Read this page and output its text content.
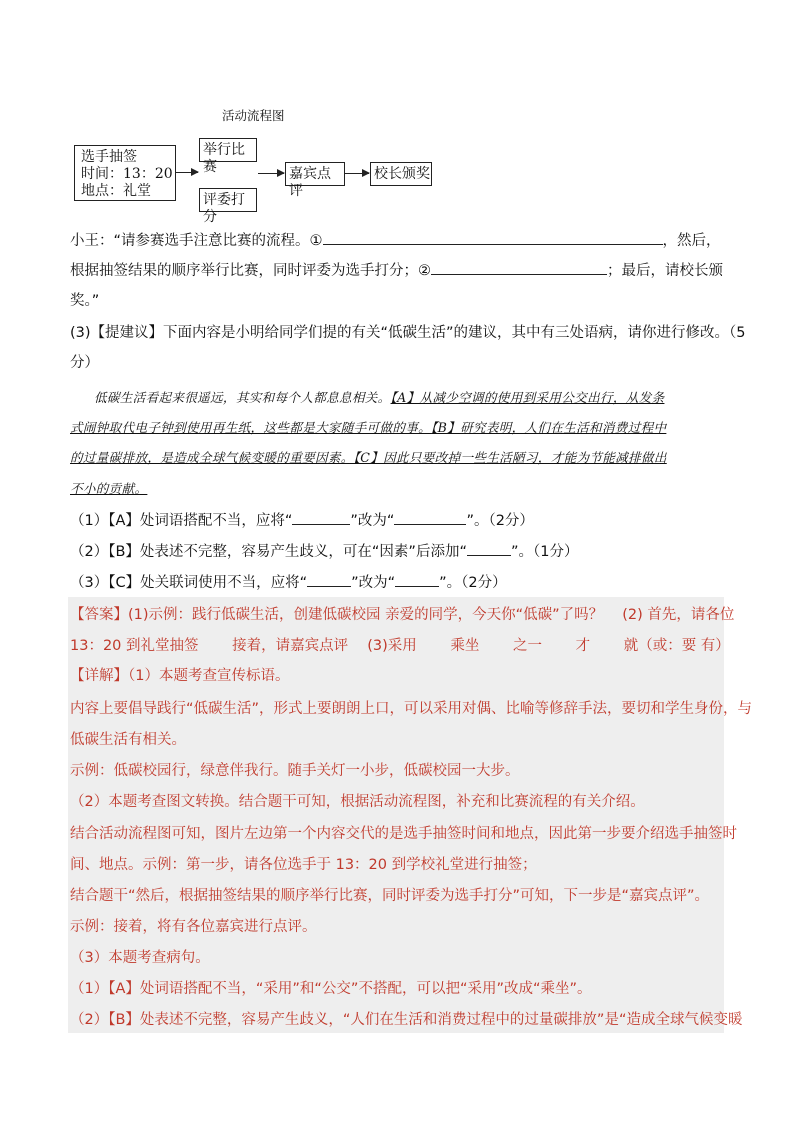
活动流程图
选手抽签
时间：13：20
地点：礼堂
举行比赛
评委打分
嘉宾点评
校长颁奖
小王：“请参赛选手注意比赛的流程。①	，然后，
根据抽签结果的顺序举行比赛，同时评委为选手打分；②	；最后，请校长颁
奖。”
(3)【提建议】下面内容是小明给同学们提的有关“低碳生活”的建议，其中有三处语病，请你进行修改。（5
分）
低碳生活看起来很遥远，其实和每个人都息息相关。【A】从减少空调的使用到采用公交出行，从发条
式闹钟取代电子钟到使用再生纸，这些都是大家随手可做的事。【B】研究表明，人们在生活和消费过程中
的过量碳排放，是造成全球气候变暖的重要因素。【C】因此只要改掉一些生活陋习，才能为节能减排做出
不小的贡献。
（1）【A】处词语搭配不当，应将“	”改为“	”。（2分）
（2）【B】处表述不完整，容易产生歧义，可在“因素”后添加“	”。（1分）
（3）【C】处关联词使用不当，应将“	”改为“	”。（2分）
【答案】(1)示例：践行低碳生活，创建低碳校园 亲爱的同学，今天你“低碳”了吗？　 (2) 首先，请各位
13：20 到礼堂抽签　　 接着，请嘉宾点评　 (3)采用　　 乘坐　　 之一　　 才　　 就（或：要 有）
【详解】（1）本题考查宣传标语。
内容上要倡导践行“低碳生活”，形式上要朗朗上口，可以采用对偶、比喻等修辞手法，要切和学生身份，与
低碳生活有相关。
示例：低碳校园行，绿意伴我行。随手关灯一小步，低碳校园一大步。
（2）本题考查图文转换。结合题干可知，根据活动流程图，补充和比赛流程的有关介绍。
结合活动流程图可知，图片左边第一个内容交代的是选手抽签时间和地点，因此第一步要介绍选手抽签时
间、地点。示例：第一步，请各位选手于 13：20 到学校礼堂进行抽签；
结合题干“然后，根据抽签结果的顺序举行比赛，同时评委为选手打分”可知，下一步是“嘉宾点评”。
示例：接着，将有各位嘉宾进行点评。
（3）本题考查病句。
（1）【A】处词语搭配不当，“采用”和“公交”不搭配，可以把“采用”改成“乘坐”。
（2）【B】处表述不完整，容易产生歧义，“人们在生活和消费过程中的过量碳排放”是“造成全球气候变暖
